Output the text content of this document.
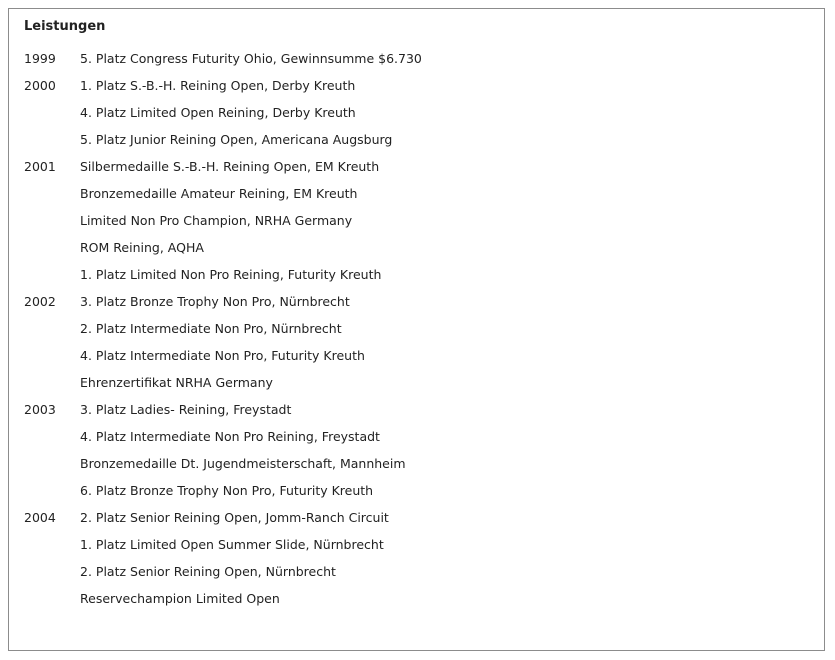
Leistungen
1999	5. Platz Congress Futurity Ohio, Gewinnsumme $6.730
2000	1. Platz S.-B.-H. Reining Open, Derby Kreuth
4. Platz Limited Open Reining, Derby Kreuth
5. Platz Junior Reining Open, Americana Augsburg
2001	Silbermedaille S.-B.-H. Reining Open, EM Kreuth
Bronzemedaille Amateur Reining, EM Kreuth
Limited Non Pro Champion, NRHA Germany
ROM Reining, AQHA
1. Platz Limited Non Pro Reining, Futurity Kreuth
2002	3. Platz Bronze Trophy Non Pro, Nürnbrecht
2. Platz Intermediate Non Pro, Nürnbrecht
4. Platz Intermediate Non Pro, Futurity Kreuth
Ehrenzertifikat NRHA Germany
2003	3. Platz Ladies- Reining, Freystadt
4. Platz Intermediate Non Pro Reining, Freystadt
Bronzemedaille Dt. Jugendmeisterschaft, Mannheim
6. Platz Bronze Trophy Non Pro, Futurity Kreuth
2004	2. Platz Senior Reining Open, Jomm-Ranch Circuit
1. Platz Limited Open Summer Slide, Nürnbrecht
2. Platz Senior Reining Open, Nürnbrecht
Reservechampion Limited Open
